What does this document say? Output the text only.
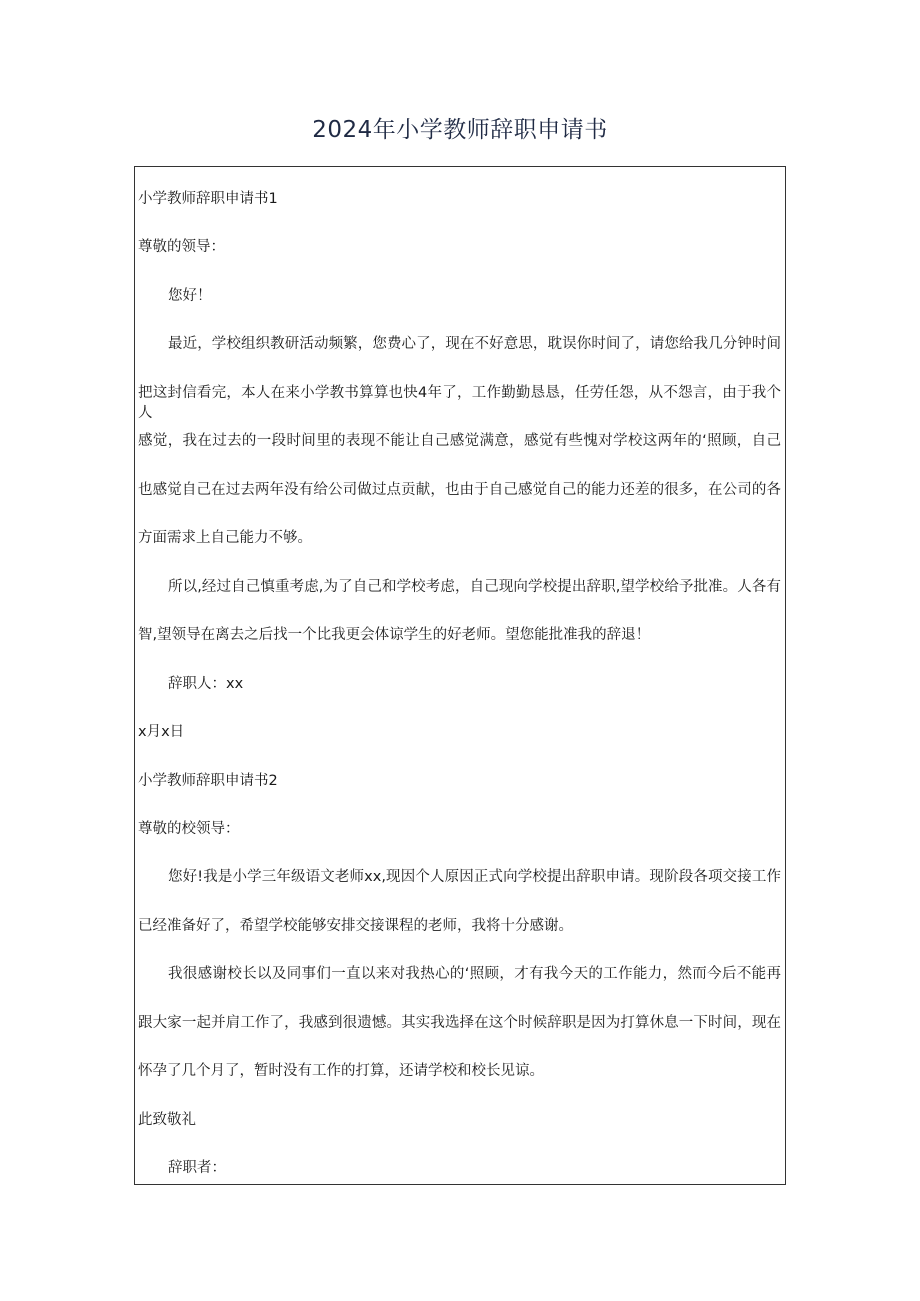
2024年小学教师辞职申请书
小学教师辞职申请书1
尊敬的领导：
您好！
最近，学校组织教研活动频繁，您费心了，现在不好意思，耽误你时间了，请您给我几分钟时间
把这封信看完，本人在来小学教书算算也快4年了，工作勤勤恳恳，任劳任怨，从不怨言，由于我个人
感觉，我在过去的一段时间里的表现不能让自己感觉满意，感觉有些愧对学校这两年的‘照顾，自己
也感觉自己在过去两年没有给公司做过点贡献，也由于自己感觉自己的能力还差的很多，在公司的各
方面需求上自己能力不够。
所以,经过自己慎重考虑,为了自己和学校考虑，自己现向学校提出辞职,望学校给予批准。人各有
智,望领导在离去之后找一个比我更会体谅学生的好老师。望您能批准我的辞退！
辞职人：xx
x月x日
小学教师辞职申请书2
尊敬的校领导：
您好!我是小学三年级语文老师xx,现因个人原因正式向学校提出辞职申请。现阶段各项交接工作
已经准备好了，希望学校能够安排交接课程的老师，我将十分感谢。
我很感谢校长以及同事们一直以来对我热心的‘照顾，才有我今天的工作能力，然而今后不能再
跟大家一起并肩工作了，我感到很遗憾。其实我选择在这个时候辞职是因为打算休息一下时间，现在
怀孕了几个月了，暂时没有工作的打算，还请学校和校长见谅。
此致敬礼
辞职者：
